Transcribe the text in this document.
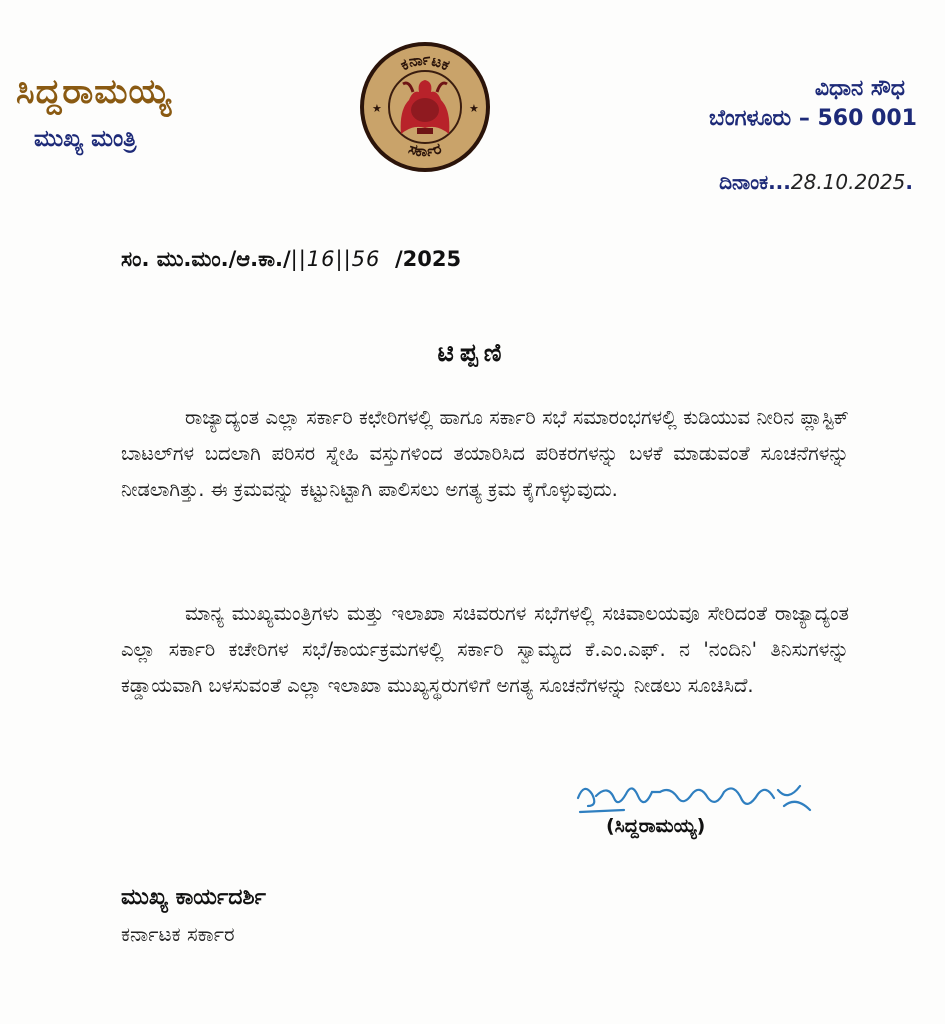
ಸಿದ್ದರಾಮಯ್ಯ
ಮುಖ್ಯ ಮಂತ್ರಿ
ಕರ್ನಾಟಕ
ಸರ್ಕಾರ
★	★
ವಿಧಾನ ಸೌಧ
ಬೆಂಗಳೂರು – 560 001
ದಿನಾಂಕ...28.10.2025.
ಸಂ. ಮು.ಮಂ./ಆ.ಕಾ./||16||56 /2025
ಟಿಪ್ಪಣಿ
ರಾಜ್ಯಾದ್ಯಂತ ಎಲ್ಲಾ ಸರ್ಕಾರಿ ಕಛೇರಿಗಳಲ್ಲಿ ಹಾಗೂ ಸರ್ಕಾರಿ ಸಭೆ ಸಮಾರಂಭಗಳಲ್ಲಿ ಕುಡಿಯುವ ನೀರಿನ ಪ್ಲಾಸ್ಟಿಕ್ ಬಾಟಲ್‌ಗಳ ಬದಲಾಗಿ ಪರಿಸರ ಸ್ನೇಹಿ ವಸ್ತುಗಳಿಂದ ತಯಾರಿಸಿದ ಪರಿಕರಗಳನ್ನು ಬಳಕೆ ಮಾಡುವಂತೆ ಸೂಚನೆಗಳನ್ನು ನೀಡಲಾಗಿತ್ತು. ಈ ಕ್ರಮವನ್ನು ಕಟ್ಟುನಿಟ್ಟಾಗಿ ಪಾಲಿಸಲು ಅಗತ್ಯ ಕ್ರಮ ಕೈಗೊಳ್ಳುವುದು.
ಮಾನ್ಯ ಮುಖ್ಯಮಂತ್ರಿಗಳು ಮತ್ತು ಇಲಾಖಾ ಸಚಿವರುಗಳ ಸಭೆಗಳಲ್ಲಿ ಸಚಿವಾಲಯವೂ ಸೇರಿದಂತೆ ರಾಜ್ಯಾದ್ಯಂತ ಎಲ್ಲಾ ಸರ್ಕಾರಿ ಕಚೇರಿಗಳ ಸಭೆ/ಕಾರ್ಯಕ್ರಮಗಳಲ್ಲಿ ಸರ್ಕಾರಿ ಸ್ವಾಮ್ಯದ ಕೆ.ಎಂ.ಎಫ್. ನ 'ನಂದಿನಿ' ತಿನಿಸುಗಳನ್ನು ಕಡ್ಡಾಯವಾಗಿ ಬಳಸುವಂತೆ ಎಲ್ಲಾ ಇಲಾಖಾ ಮುಖ್ಯಸ್ಥರುಗಳಿಗೆ ಅಗತ್ಯ ಸೂಚನೆಗಳನ್ನು ನೀಡಲು ಸೂಚಿಸಿದೆ.
(ಸಿದ್ದರಾಮಯ್ಯ)
ಮುಖ್ಯ ಕಾರ್ಯದರ್ಶಿ
ಕರ್ನಾಟಕ ಸರ್ಕಾರ
